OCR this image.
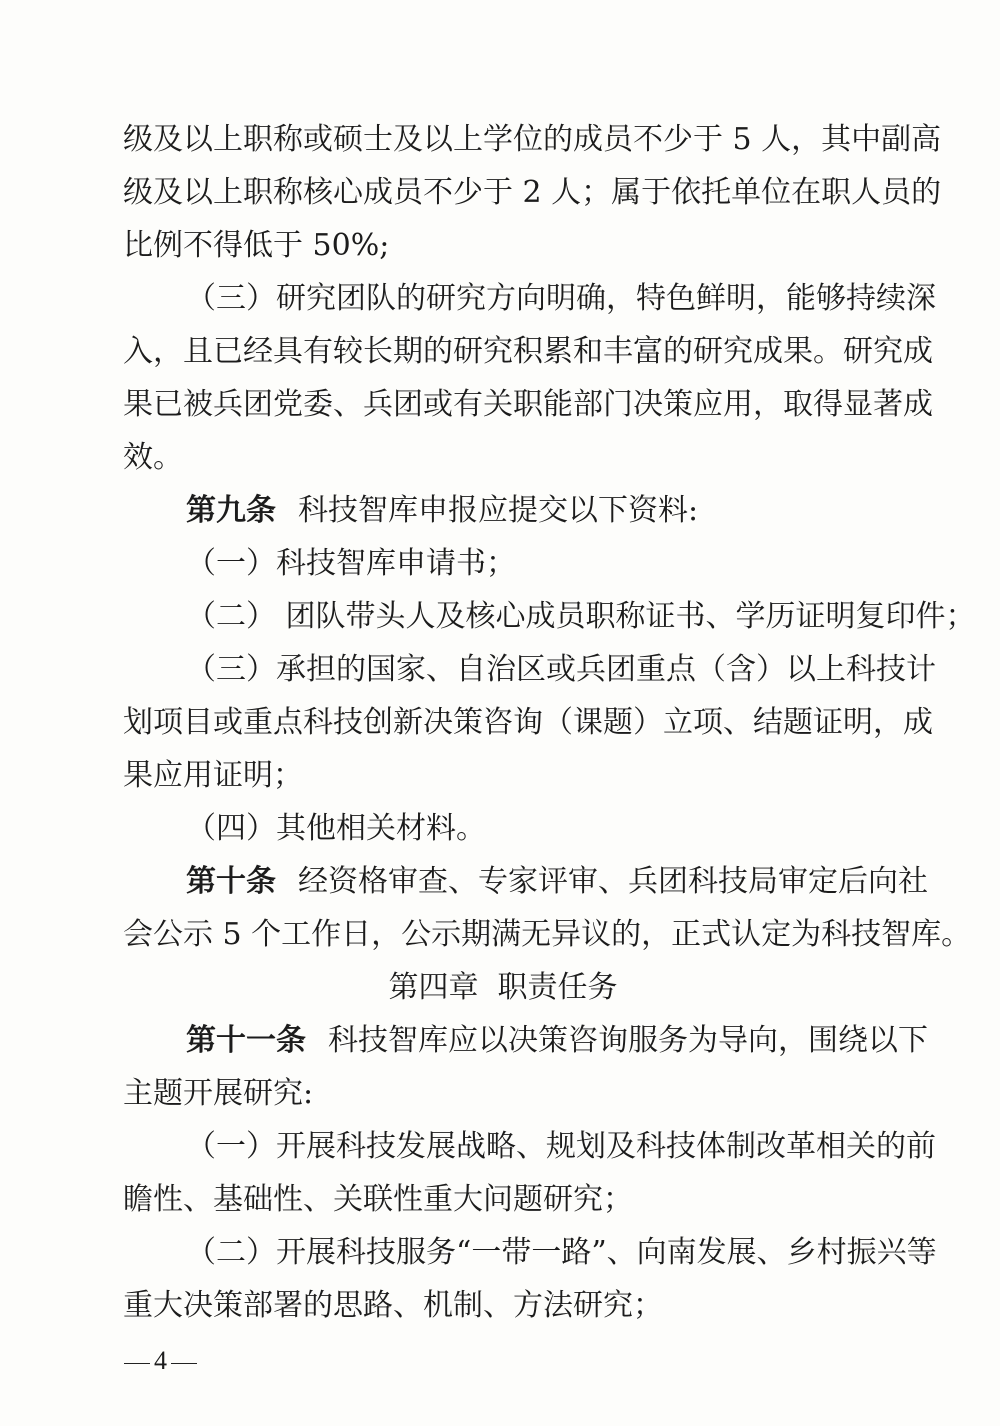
级及以上职称或硕士及以上学位的成员不少于 5 人，其中副高
级及以上职称核心成员不少于 2 人；属于依托单位在职人员的
比例不得低于 50%;
（三）研究团队的研究方向明确，特色鲜明，能够持续深
入，且已经具有较长期的研究积累和丰富的研究成果。研究成
果已被兵团党委、兵团或有关职能部门决策应用，取得显著成
效。
第九条 科技智库申报应提交以下资料:
（一）科技智库申请书；
（二） 团队带头人及核心成员职称证书、学历证明复印件；
（三）承担的国家、自治区或兵团重点（含）以上科技计
划项目或重点科技创新决策咨询（课题）立项、结题证明，成
果应用证明；
（四）其他相关材料。
第十条 经资格审查、专家评审、兵团科技局审定后向社
会公示 5 个工作日，公示期满无异议的，正式认定为科技智库。
第四章  职责任务
第十一条 科技智库应以决策咨询服务为导向，围绕以下
主题开展研究:
（一）开展科技发展战略、规划及科技体制改革相关的前
瞻性、基础性、关联性重大问题研究；
（二）开展科技服务“一带一路”、向南发展、乡村振兴等
重大决策部署的思路、机制、方法研究；
4
